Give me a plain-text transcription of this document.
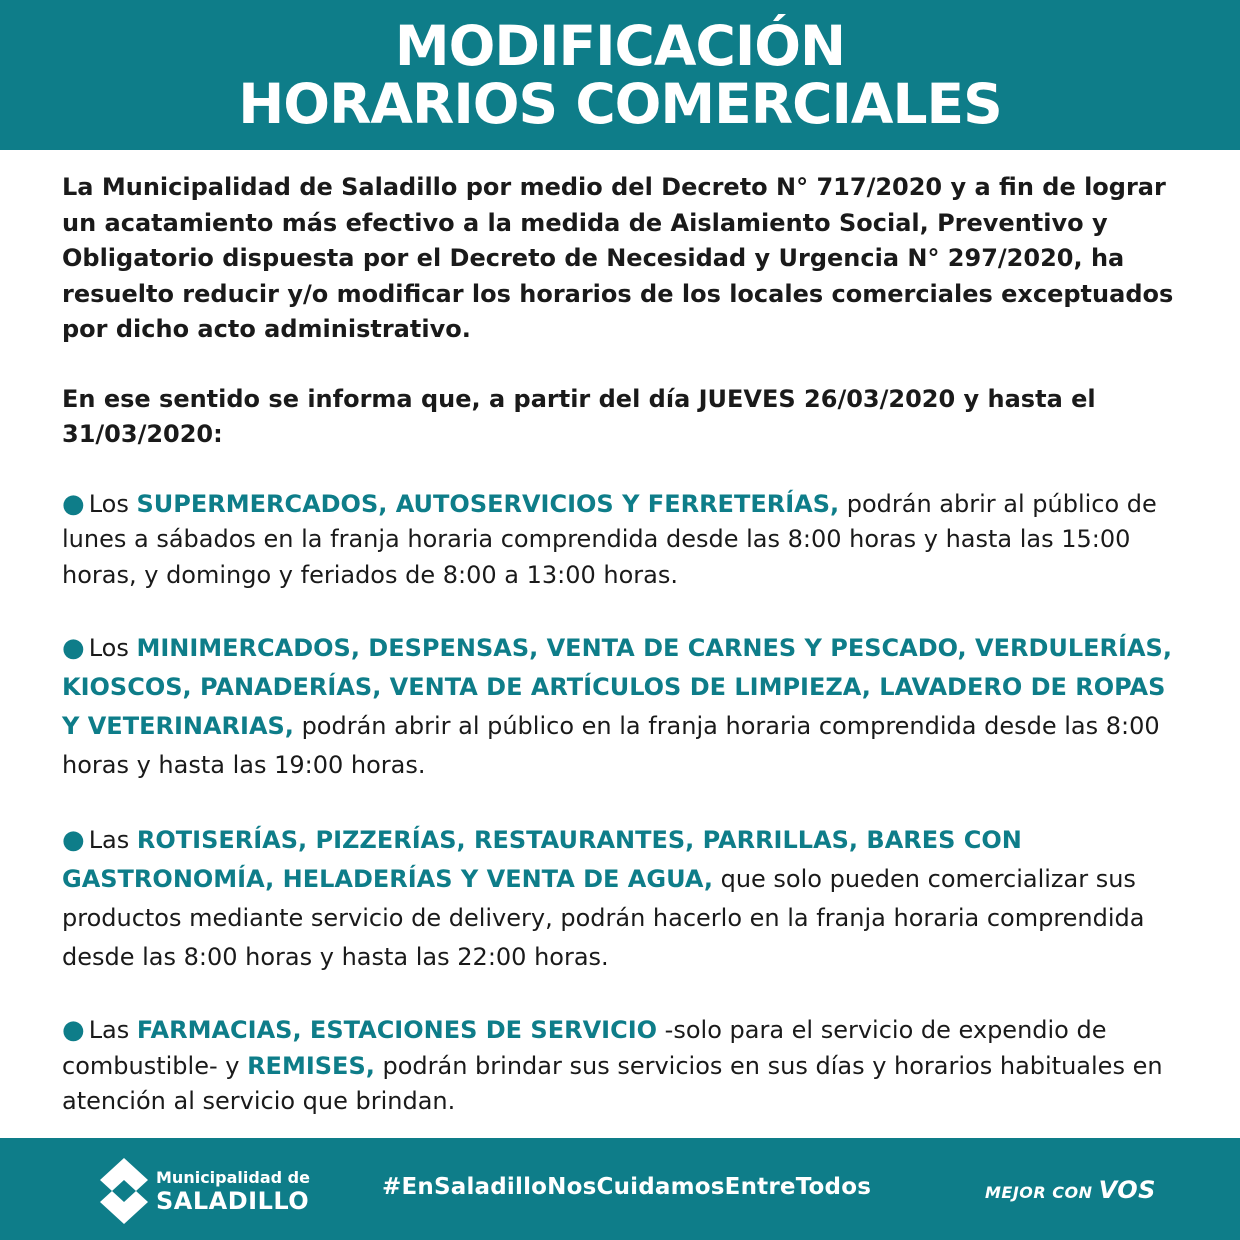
MODIFICACIÓN
HORARIOS COMERCIALES

La Municipalidad de Saladillo por medio del Decreto N° 717/2020 y a fin de lograr un acatamiento más efectivo a la medida de Aislamiento Social, Preventivo y Obligatorio dispuesta por el Decreto de Necesidad y Urgencia N° 297/2020, ha resuelto reducir y/o modificar los horarios de los locales comerciales exceptuados por dicho acto administrativo.

En ese sentido se informa que, a partir del día JUEVES 26/03/2020 y hasta el 31/03/2020:

● Los SUPERMERCADOS, AUTOSERVICIOS Y FERRETERÍAS, podrán abrir al público de lunes a sábados en la franja horaria comprendida desde las 8:00 horas y hasta las 15:00 horas, y domingo y feriados de 8:00 a 13:00 horas.

● Los MINIMERCADOS, DESPENSAS, VENTA DE CARNES Y PESCADO, VERDULERÍAS, KIOSCOS, PANADERÍAS, VENTA DE ARTÍCULOS DE LIMPIEZA, LAVADERO DE ROPAS Y VETERINARIAS, podrán abrir al público en la franja horaria comprendida desde las 8:00 horas y hasta las 19:00 horas.

● Las ROTISERÍAS, PIZZERÍAS, RESTAURANTES, PARRILLAS, BARES CON GASTRONOMÍA, HELADERÍAS Y VENTA DE AGUA, que solo pueden comercializar sus productos mediante servicio de delivery, podrán hacerlo en la franja horaria comprendida desde las 8:00 horas y hasta las 22:00 horas.

● Las FARMACIAS, ESTACIONES DE SERVICIO -solo para el servicio de expendio de combustible- y REMISES, podrán brindar sus servicios en sus días y horarios habituales en atención al servicio que brindan.

Municipalidad de
SALADILLO	#EnSaladilloNosCuidamosEntreTodos	MEJOR CON VOS
